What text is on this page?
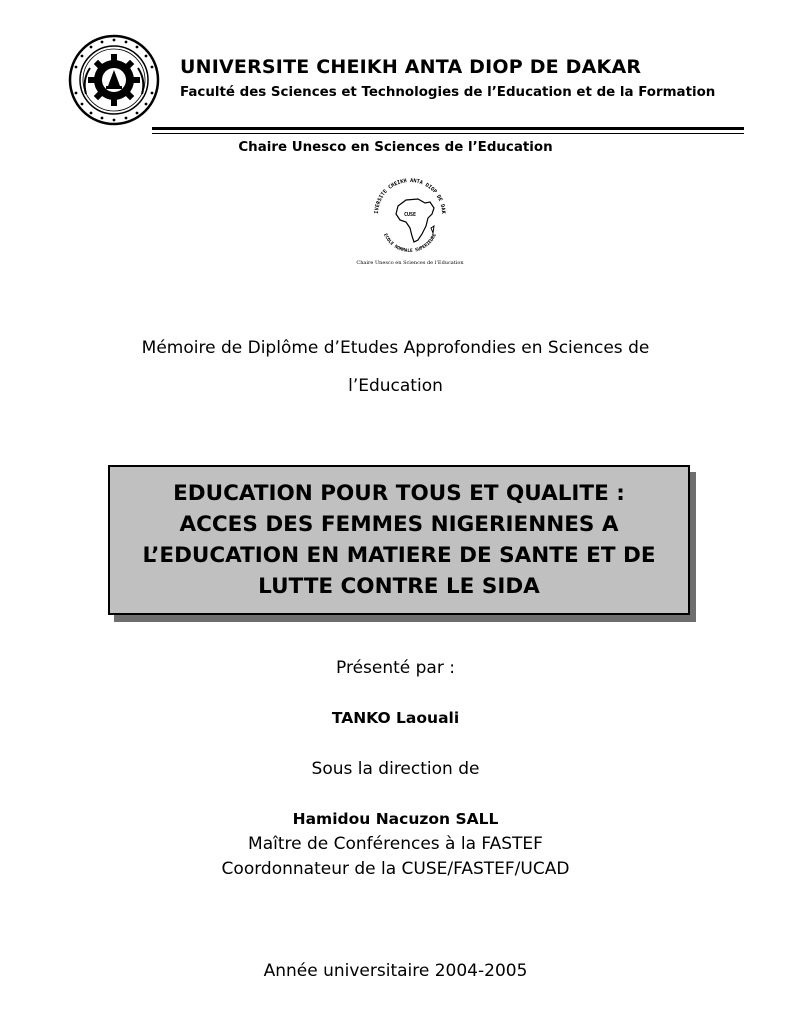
UNIVERSITE CHEIKH ANTA DIOP DE DAKAR
Faculté des Sciences et Technologies de l’Education et de la Formation
Chaire Unesco en Sciences de l’Education
IVERSITE CHEIKH ANTA DIOP DE DAK
ECOLE NORMALE SUPERIEURE
CUSE
Chaire Unesco en Sciences de l’Education
Mémoire de Diplôme d’Etudes Approfondies en Sciences de
l’Education
EDUCATION POUR TOUS ET QUALITE :
ACCES DES FEMMES NIGERIENNES A
L’EDUCATION EN MATIERE DE SANTE ET DE
LUTTE CONTRE LE SIDA
Présenté par :
TANKO Laouali
Sous la direction de
Hamidou Nacuzon SALL
Maître de Conférences à la FASTEF
Coordonnateur de la CUSE/FASTEF/UCAD
Année universitaire 2004-2005
